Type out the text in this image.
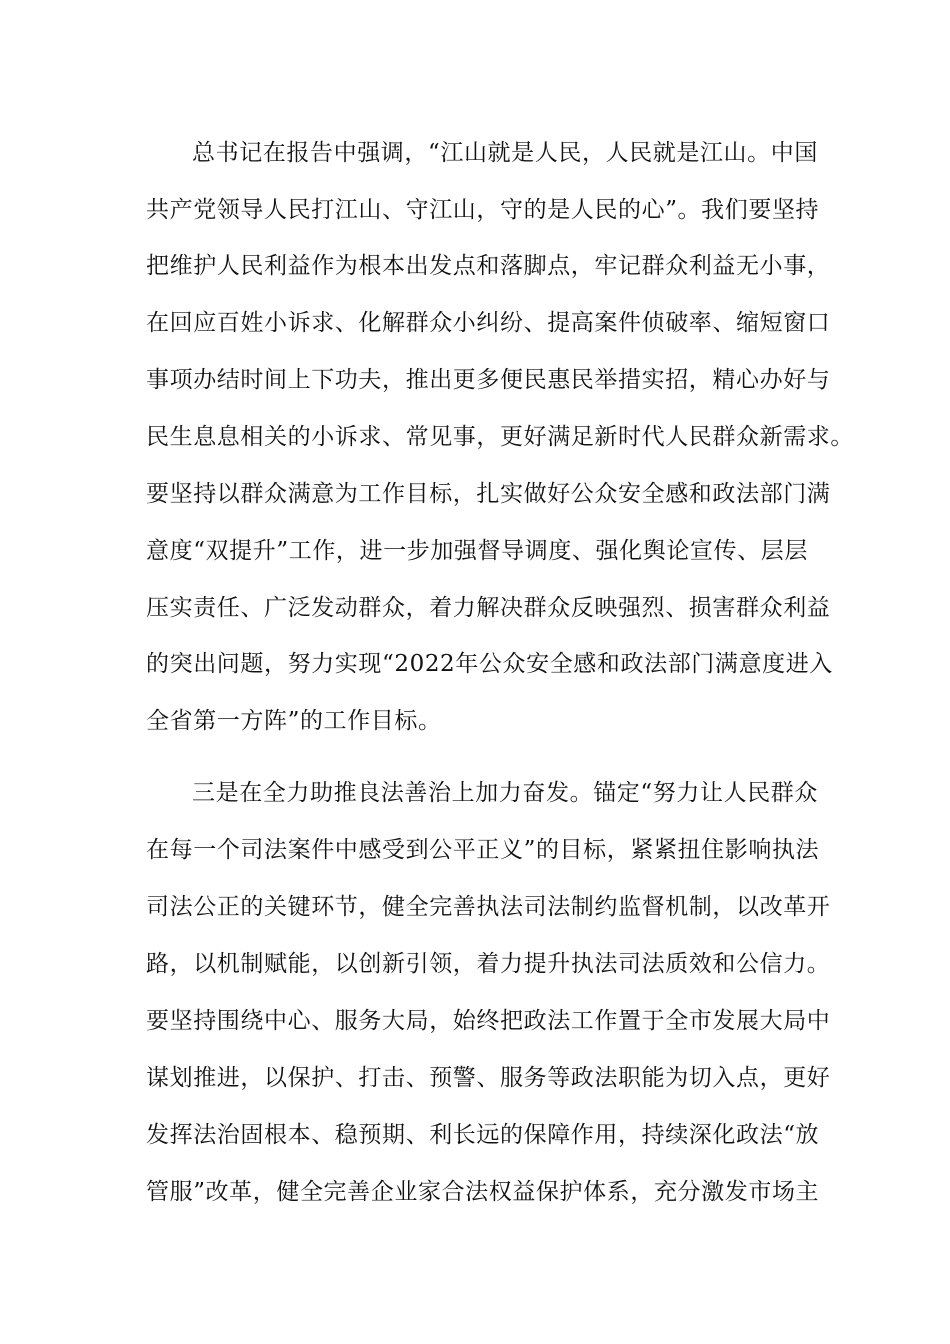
总书记在报告中强调，“江山就是人民，人民就是江山。中国
共产党领导人民打江山、守江山，守的是人民的心”。我们要坚持
把维护人民利益作为根本出发点和落脚点，牢记群众利益无小事，
在回应百姓小诉求、化解群众小纠纷、提高案件侦破率、缩短窗口
事项办结时间上下功夫，推出更多便民惠民举措实招，精心办好与
民生息息相关的小诉求、常见事，更好满足新时代人民群众新需求。
要坚持以群众满意为工作目标，扎实做好公众安全感和政法部门满
意度“双提升”工作，进一步加强督导调度、强化舆论宣传、层层
压实责任、广泛发动群众，着力解决群众反映强烈、损害群众利益
的突出问题，努力实现“2022年公众安全感和政法部门满意度进入
全省第一方阵”的工作目标。
三是在全力助推良法善治上加力奋发。锚定“努力让人民群众
在每一个司法案件中感受到公平正义”的目标，紧紧扭住影响执法
司法公正的关键环节，健全完善执法司法制约监督机制，以改革开
路，以机制赋能，以创新引领，着力提升执法司法质效和公信力。
要坚持围绕中心、服务大局，始终把政法工作置于全市发展大局中
谋划推进，以保护、打击、预警、服务等政法职能为切入点，更好
发挥法治固根本、稳预期、利长远的保障作用，持续深化政法“放
管服”改革，健全完善企业家合法权益保护体系，充分激发市场主
